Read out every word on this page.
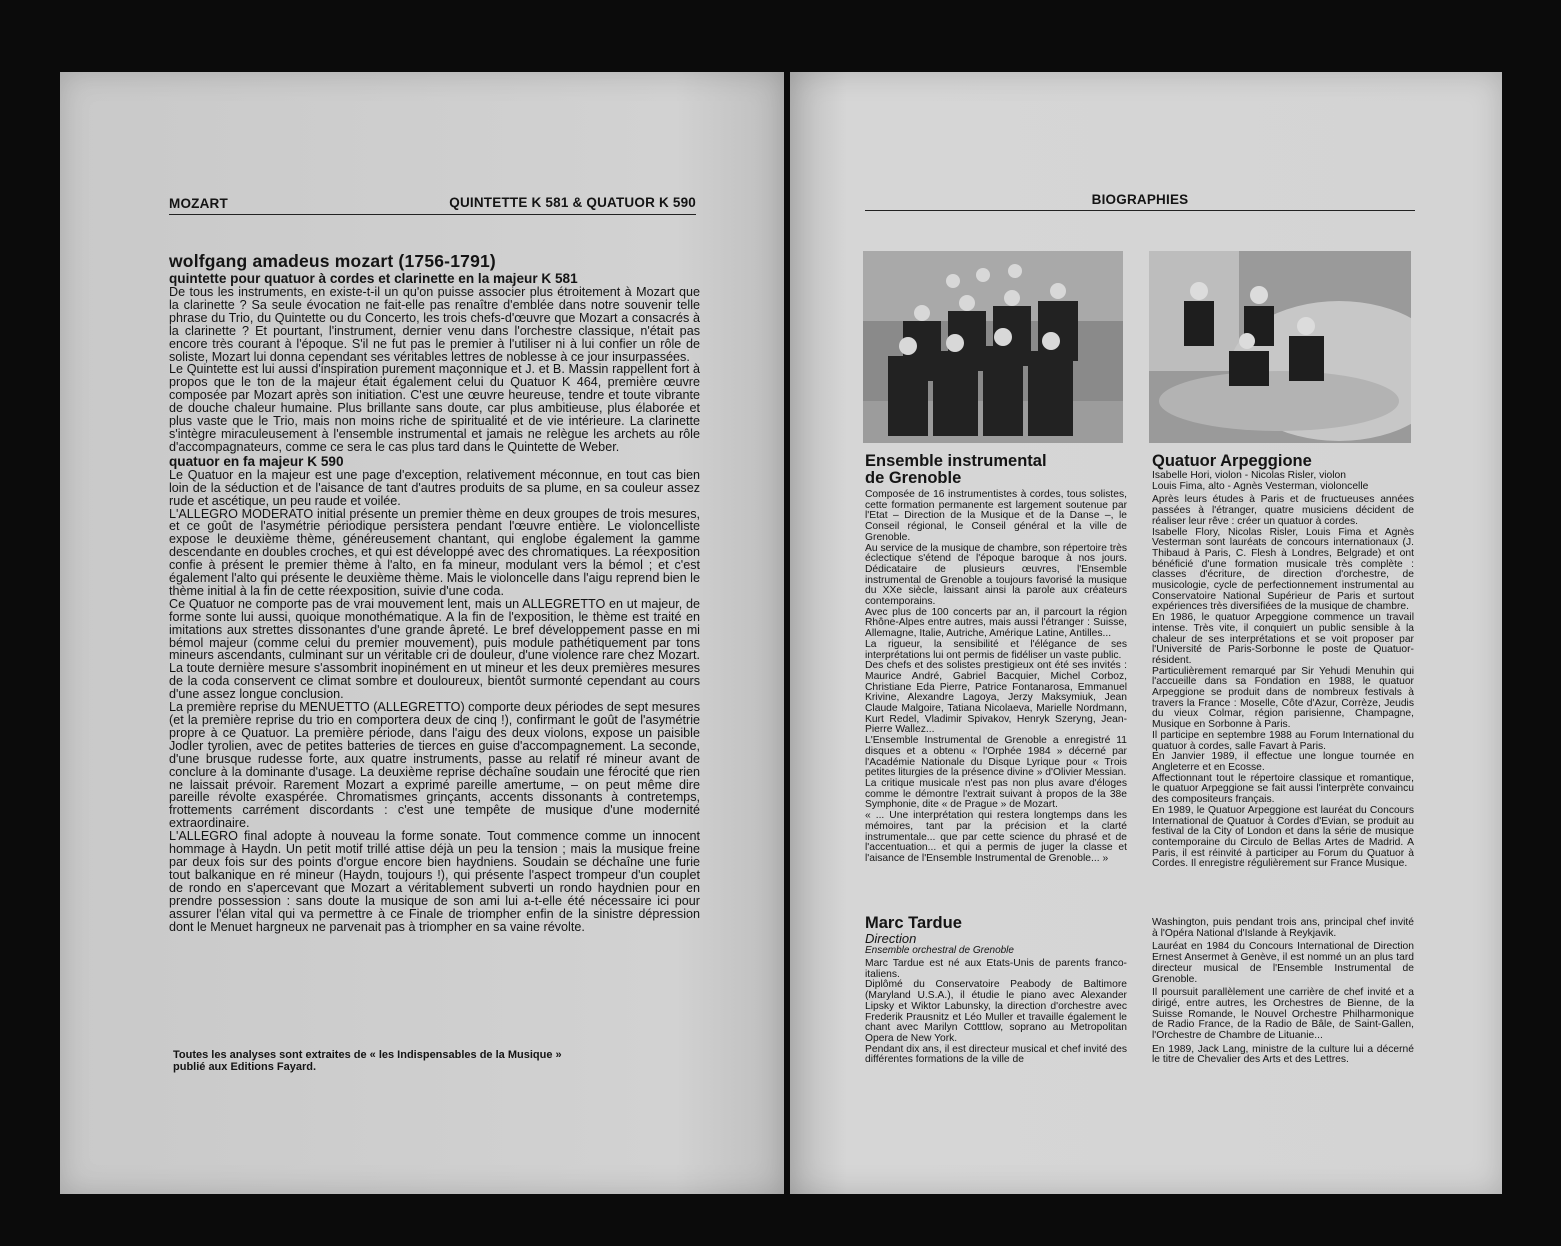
MOZART	QUINTETTE K 581 & QUATUOR K 590
wolfgang amadeus mozart (1756-1791)
quintette pour quatuor à cordes et clarinette en la majeur K 581

De tous les instruments, en existe-t-il un qu'on puisse associer plus étroitement à Mozart que la clarinette ? Sa seule évocation ne fait-elle pas renaître d'emblée dans notre souvenir telle phrase du Trio, du Quintette ou du Concerto, les trois chefs-d'œuvre que Mozart a consacrés à la clarinette ? Et pourtant, l'instrument, dernier venu dans l'orchestre classique, n'était pas encore très courant à l'époque. S'il ne fut pas le premier à l'utiliser ni à lui confier un rôle de soliste, Mozart lui donna cependant ses véritables lettres de noblesse à ce jour insurpassées.

Le Quintette est lui aussi d'inspiration purement maçonnique et J. et B. Massin rappellent fort à propos que le ton de la majeur était également celui du Quatuor K 464, première œuvre composée par Mozart après son initiation. C'est une œuvre heureuse, tendre et toute vibrante de douche chaleur humaine. Plus brillante sans doute, car plus ambitieuse, plus élaborée et plus vaste que le Trio, mais non moins riche de spiritualité et de vie intérieure. La clarinette s'intègre miraculeusement à l'ensemble instrumental et jamais ne relègue les archets au rôle d'accompagnateurs, comme ce sera le cas plus tard dans le Quintette de Weber.

quatuor en fa majeur K 590

Le Quatuor en la majeur est une page d'exception, relativement méconnue, en tout cas bien loin de la séduction et de l'aisance de tant d'autres produits de sa plume, en sa couleur assez rude et ascétique, un peu raude et voilée.

L'ALLEGRO MODERATO initial présente un premier thème en deux groupes de trois mesures, et ce goût de l'asymétrie périodique persistera pendant l'œuvre entière. Le violoncelliste expose le deuxième thème, généreusement chantant, qui englobe également la gamme descendante en doubles croches, et qui est développé avec des chromatiques. La réexposition confie à présent le premier thème à l'alto, en fa mineur, modulant vers la bémol ; et c'est également l'alto qui présente le deuxième thème. Mais le violoncelle dans l'aigu reprend bien le thème initial à la fin de cette réexposition, suivie d'une coda.

Ce Quatuor ne comporte pas de vrai mouvement lent, mais un ALLEGRETTO en ut majeur, de forme sonte lui aussi, quoique monothématique. A la fin de l'exposition, le thème est traité en imitations aux strettes dissonantes d'une grande âpreté. Le bref développement passe en mi bémol majeur (comme celui du premier mouvement), puis module pathétiquement par tons mineurs ascendants, culminant sur un véritable cri de douleur, d'une violence rare chez Mozart. La toute dernière mesure s'assombrit inopinément en ut mineur et les deux premières mesures de la coda conservent ce climat sombre et douloureux, bientôt surmonté cependant au cours d'une assez longue conclusion.

La première reprise du MENUETTO (ALLEGRETTO) comporte deux périodes de sept mesures (et la première reprise du trio en comportera deux de cinq !), confirmant le goût de l'asymétrie propre à ce Quatuor. La première période, dans l'aigu des deux violons, expose un paisible Jodler tyrolien, avec de petites batteries de tierces en guise d'accompagnement. La seconde, d'une brusque rudesse forte, aux quatre instruments, passe au relatif ré mineur avant de conclure à la dominante d'usage. La deuxième reprise déchaîne soudain une férocité que rien ne laissait prévoir. Rarement Mozart a exprimé pareille amertume, – on peut même dire pareille révolte exaspérée. Chromatismes grinçants, accents dissonants à contretemps, frottements carrément discordants : c'est une tempête de musique d'une modernité extraordinaire.

L'ALLEGRO final adopte à nouveau la forme sonate. Tout commence comme un innocent hommage à Haydn. Un petit motif trillé attise déjà un peu la tension ; mais la musique freine par deux fois sur des points d'orgue encore bien haydniens. Soudain se déchaîne une furie tout balkanique en ré mineur (Haydn, toujours !), qui présente l'aspect trompeur d'un couplet de rondo en s'apercevant que Mozart a véritablement subverti un rondo haydnien pour en prendre possession : sans doute la musique de son ami lui a-t-elle été nécessaire ici pour assurer l'élan vital qui va permettre à ce Finale de triompher enfin de la sinistre dépression dont le Menuet hargneux ne parvenait pas à triompher en sa vaine révolte.

Toutes les analyses sont extraites de « les Indispensables de la Musique »
publié aux Editions Fayard.
BIOGRAPHIES
Ensemble instrumental
de Grenoble

Composée de 16 instrumentistes à cordes, tous solistes, cette formation permanente est largement soutenue par l'Etat – Direction de la Musique et de la Danse –, le Conseil régional, le Conseil général et la ville de Grenoble.

Au service de la musique de chambre, son répertoire très éclectique s'étend de l'époque baroque à nos jours. Dédicataire de plusieurs œuvres, l'Ensemble instrumental de Grenoble a toujours favorisé la musique du XXe siècle, laissant ainsi la parole aux créateurs contemporains.

Avec plus de 100 concerts par an, il parcourt la région Rhône-Alpes entre autres, mais aussi l'étranger : Suisse, Allemagne, Italie, Autriche, Amérique Latine, Antilles...

La rigueur, la sensibilité et l'élégance de ses interprétations lui ont permis de fidéliser un vaste public.

Des chefs et des solistes prestigieux ont été ses invités : Maurice André, Gabriel Bacquier, Michel Corboz, Christiane Eda Pierre, Patrice Fontanarosa, Emmanuel Krivine, Alexandre Lagoya, Jerzy Maksymiuk, Jean Claude Malgoire, Tatiana Nicolaeva, Marielle Nordmann, Kurt Redel, Vladimir Spivakov, Henryk Szeryng, Jean-Pierre Wallez...

L'Ensemble Instrumental de Grenoble a enregistré 11 disques et a obtenu « l'Orphée 1984 » décerné par l'Académie Nationale du Disque Lyrique pour « Trois petites liturgies de la présence divine » d'Olivier Messian.

La critique musicale n'est pas non plus avare d'éloges comme le démontre l'extrait suivant à propos de la 38e Symphonie, dite « de Prague » de Mozart.

« ... Une interprétation qui restera longtemps dans les mémoires, tant par la précision et la clarté instrumentale... que par cette science du phrasé et de l'accentuation... et qui a permis de juger la classe et l'aisance de l'Ensemble Instrumental de Grenoble... »

Marc Tardue
Direction
Ensemble orchestral de Grenoble

Marc Tardue est né aux Etats-Unis de parents franco-italiens.

Diplômé du Conservatoire Peabody de Baltimore (Maryland U.S.A.), il étudie le piano avec Alexander Lipsky et Wiktor Labunsky, la direction d'orchestre avec Frederik Prausnitz et Léo Muller et travaille également le chant avec Marilyn Cotttlow, soprano au Metropolitan Opera de New York.

Pendant dix ans, il est directeur musical et chef invité des différentes formations de la ville de

Quatuor Arpeggione

Isabelle Hori, violon - Nicolas Risler, violon

Louis Fima, alto - Agnès Vesterman, violoncelle

Après leurs études à Paris et de fructueuses années passées à l'étranger, quatre musiciens décident de réaliser leur rêve : créer un quatuor à cordes.

Isabelle Flory, Nicolas Risler, Louis Fima et Agnès Vesterman sont lauréats de concours internationaux (J. Thibaud à Paris, C. Flesh à Londres, Belgrade) et ont bénéficié d'une formation musicale très complète : classes d'écriture, de direction d'orchestre, de musicologie, cycle de perfectionnement instrumental au Conservatoire National Supérieur de Paris et surtout expériences très diversifiées de la musique de chambre.

En 1986, le quatuor Arpeggione commence un travail intense. Très vite, il conquiert un public sensible à la chaleur de ses interprétations et se voit proposer par l'Université de Paris-Sorbonne le poste de Quatuor-résident.

Particulièrement remarqué par Sir Yehudi Menuhin qui l'accueille dans sa Fondation en 1988, le quatuor Arpeggione se produit dans de nombreux festivals à travers la France : Moselle, Côte d'Azur, Corrèze, Jeudis du vieux Colmar, région parisienne, Champagne, Musique en Sorbonne à Paris.

Il participe en septembre 1988 au Forum International du quatuor à cordes, salle Favart à Paris.

En Janvier 1989, il effectue une longue tournée en Angleterre et en Ecosse.

Affectionnant tout le répertoire classique et romantique, le quatuor Arpeggione se fait aussi l'interprète convaincu des compositeurs français.

En 1989, le Quatuor Arpeggione est lauréat du Concours International de Quatuor à Cordes d'Evian, se produit au festival de la City of London et dans la série de musique contemporaine du Circulo de Bellas Artes de Madrid. A Paris, il est réinvité à participer au Forum du Quatuor à Cordes. Il enregistre régulièrement sur France Musique.

Washington, puis pendant trois ans, principal chef invité à l'Opéra National d'Islande à Reykjavik.

Lauréat en 1984 du Concours International de Direction Ernest Ansermet à Genève, il est nommé un an plus tard directeur musical de l'Ensemble Instrumental de Grenoble.

Il poursuit parallèlement une carrière de chef invité et a dirigé, entre autres, les Orchestres de Bienne, de la Suisse Romande, le Nouvel Orchestre Philharmonique de Radio France, de la Radio de Bâle, de Saint-Gallen, l'Orchestre de Chambre de Lituanie...

En 1989, Jack Lang, ministre de la culture lui a décerné le titre de Chevalier des Arts et des Lettres.
